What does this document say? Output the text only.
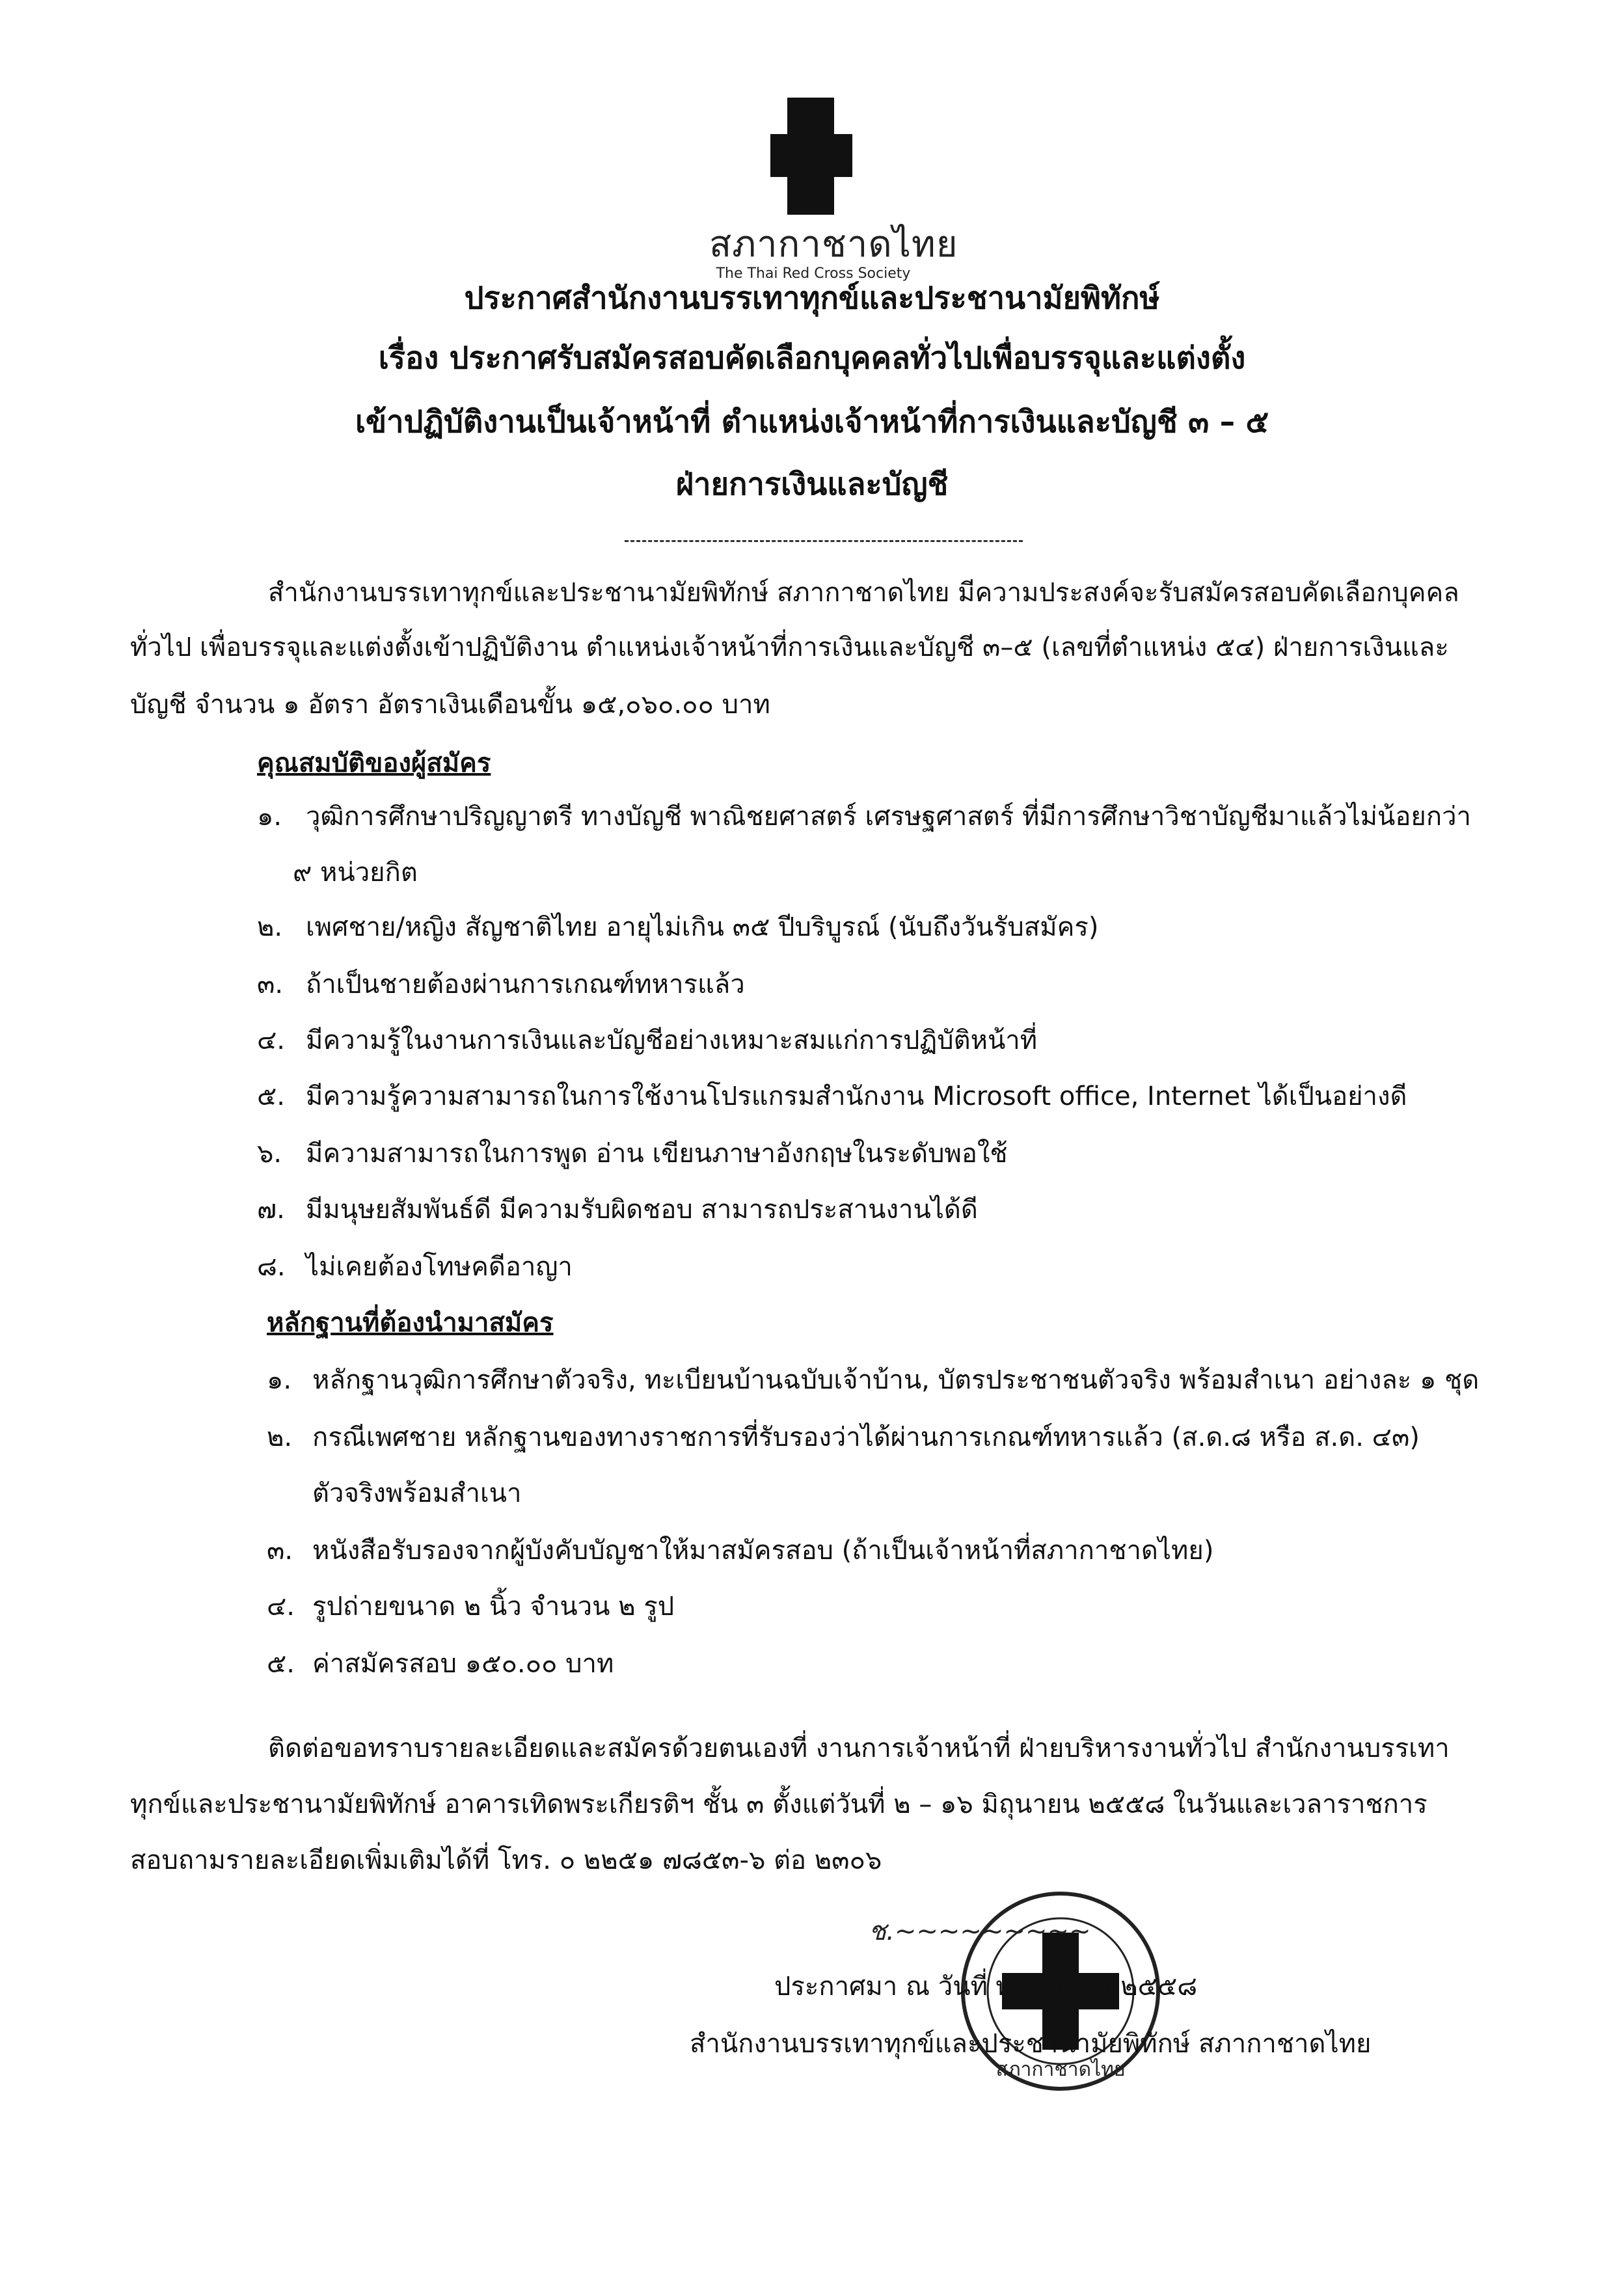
สภากาชาดไทย
The Thai Red Cross Society
ประกาศสำนักงานบรรเทาทุกข์และประชานามัยพิทักษ์
เรื่อง ประกาศรับสมัครสอบคัดเลือกบุคคลทั่วไปเพื่อบรรจุและแต่งตั้ง
เข้าปฏิบัติงานเป็นเจ้าหน้าที่ ตำแหน่งเจ้าหน้าที่การเงินและบัญชี ๓ – ๕
ฝ่ายการเงินและบัญชี
สำนักงานบรรเทาทุกข์และประชานามัยพิทักษ์ สภากาชาดไทย มีความประสงค์จะรับสมัครสอบคัดเลือกบุคคล
ทั่วไป เพื่อบรรจุและแต่งตั้งเข้าปฏิบัติงาน ตำแหน่งเจ้าหน้าที่การเงินและบัญชี ๓–๕ (เลขที่ตำแหน่ง ๕๔) ฝ่ายการเงินและ
บัญชี จำนวน ๑ อัตรา อัตราเงินเดือนขั้น ๑๕,๐๖๐.๐๐ บาท
คุณสมบัติของผู้สมัคร
๑. วุฒิการศึกษาปริญญาตรี ทางบัญชี พาณิชยศาสตร์ เศรษฐศาสตร์ ที่มีการศึกษาวิชาบัญชีมาแล้วไม่น้อยกว่า
๙ หน่วยกิต
๒. เพศชาย/หญิง สัญชาติไทย อายุไม่เกิน ๓๕ ปีบริบูรณ์ (นับถึงวันรับสมัคร)
๓. ถ้าเป็นชายต้องผ่านการเกณฑ์ทหารแล้ว
๔. มีความรู้ในงานการเงินและบัญชีอย่างเหมาะสมแก่การปฏิบัติหน้าที่
๕. มีความรู้ความสามารถในการใช้งานโปรแกรมสำนักงาน Microsoft office, Internet ได้เป็นอย่างดี
๖. มีความสามารถในการพูด อ่าน เขียนภาษาอังกฤษในระดับพอใช้
๗. มีมนุษยสัมพันธ์ดี มีความรับผิดชอบ สามารถประสานงานได้ดี
๘. ไม่เคยต้องโทษคดีอาญา
หลักฐานที่ต้องนำมาสมัคร
๑. หลักฐานวุฒิการศึกษาตัวจริง, ทะเบียนบ้านฉบับเจ้าบ้าน, บัตรประชาชนตัวจริง พร้อมสำเนา อย่างละ ๑ ชุด
๒. กรณีเพศชาย หลักฐานของทางราชการที่รับรองว่าได้ผ่านการเกณฑ์ทหารแล้ว (ส.ด.๘ หรือ ส.ด. ๔๓)
ตัวจริงพร้อมสำเนา
๓. หนังสือรับรองจากผู้บังคับบัญชาให้มาสมัครสอบ (ถ้าเป็นเจ้าหน้าที่สภากาชาดไทย)
๔. รูปถ่ายขนาด ๒ นิ้ว จำนวน ๒ รูป
๕. ค่าสมัครสอบ ๑๕๐.๐๐ บาท
ติดต่อขอทราบรายละเอียดและสมัครด้วยตนเองที่ งานการเจ้าหน้าที่ ฝ่ายบริหารงานทั่วไป สำนักงานบรรเทา
ทุกข์และประชานามัยพิทักษ์ อาคารเทิดพระเกียรติฯ ชั้น ๓ ตั้งแต่วันที่ ๒ – ๑๖ มิถุนายน ๒๕๕๘ ในวันและเวลาราชการ
สอบถามรายละเอียดเพิ่มเติมได้ที่ โทร. ๐ ๒๒๕๑ ๗๘๕๓-๖ ต่อ ๒๓๐๖
สภากาชาดไทย
ช.~~~~~~~~~
ประกาศมา ณ วันที่ พฤษภาคม ๒๕๕๘
สำนักงานบรรเทาทุกข์และประชานามัยพิทักษ์ สภากาชาดไทย
